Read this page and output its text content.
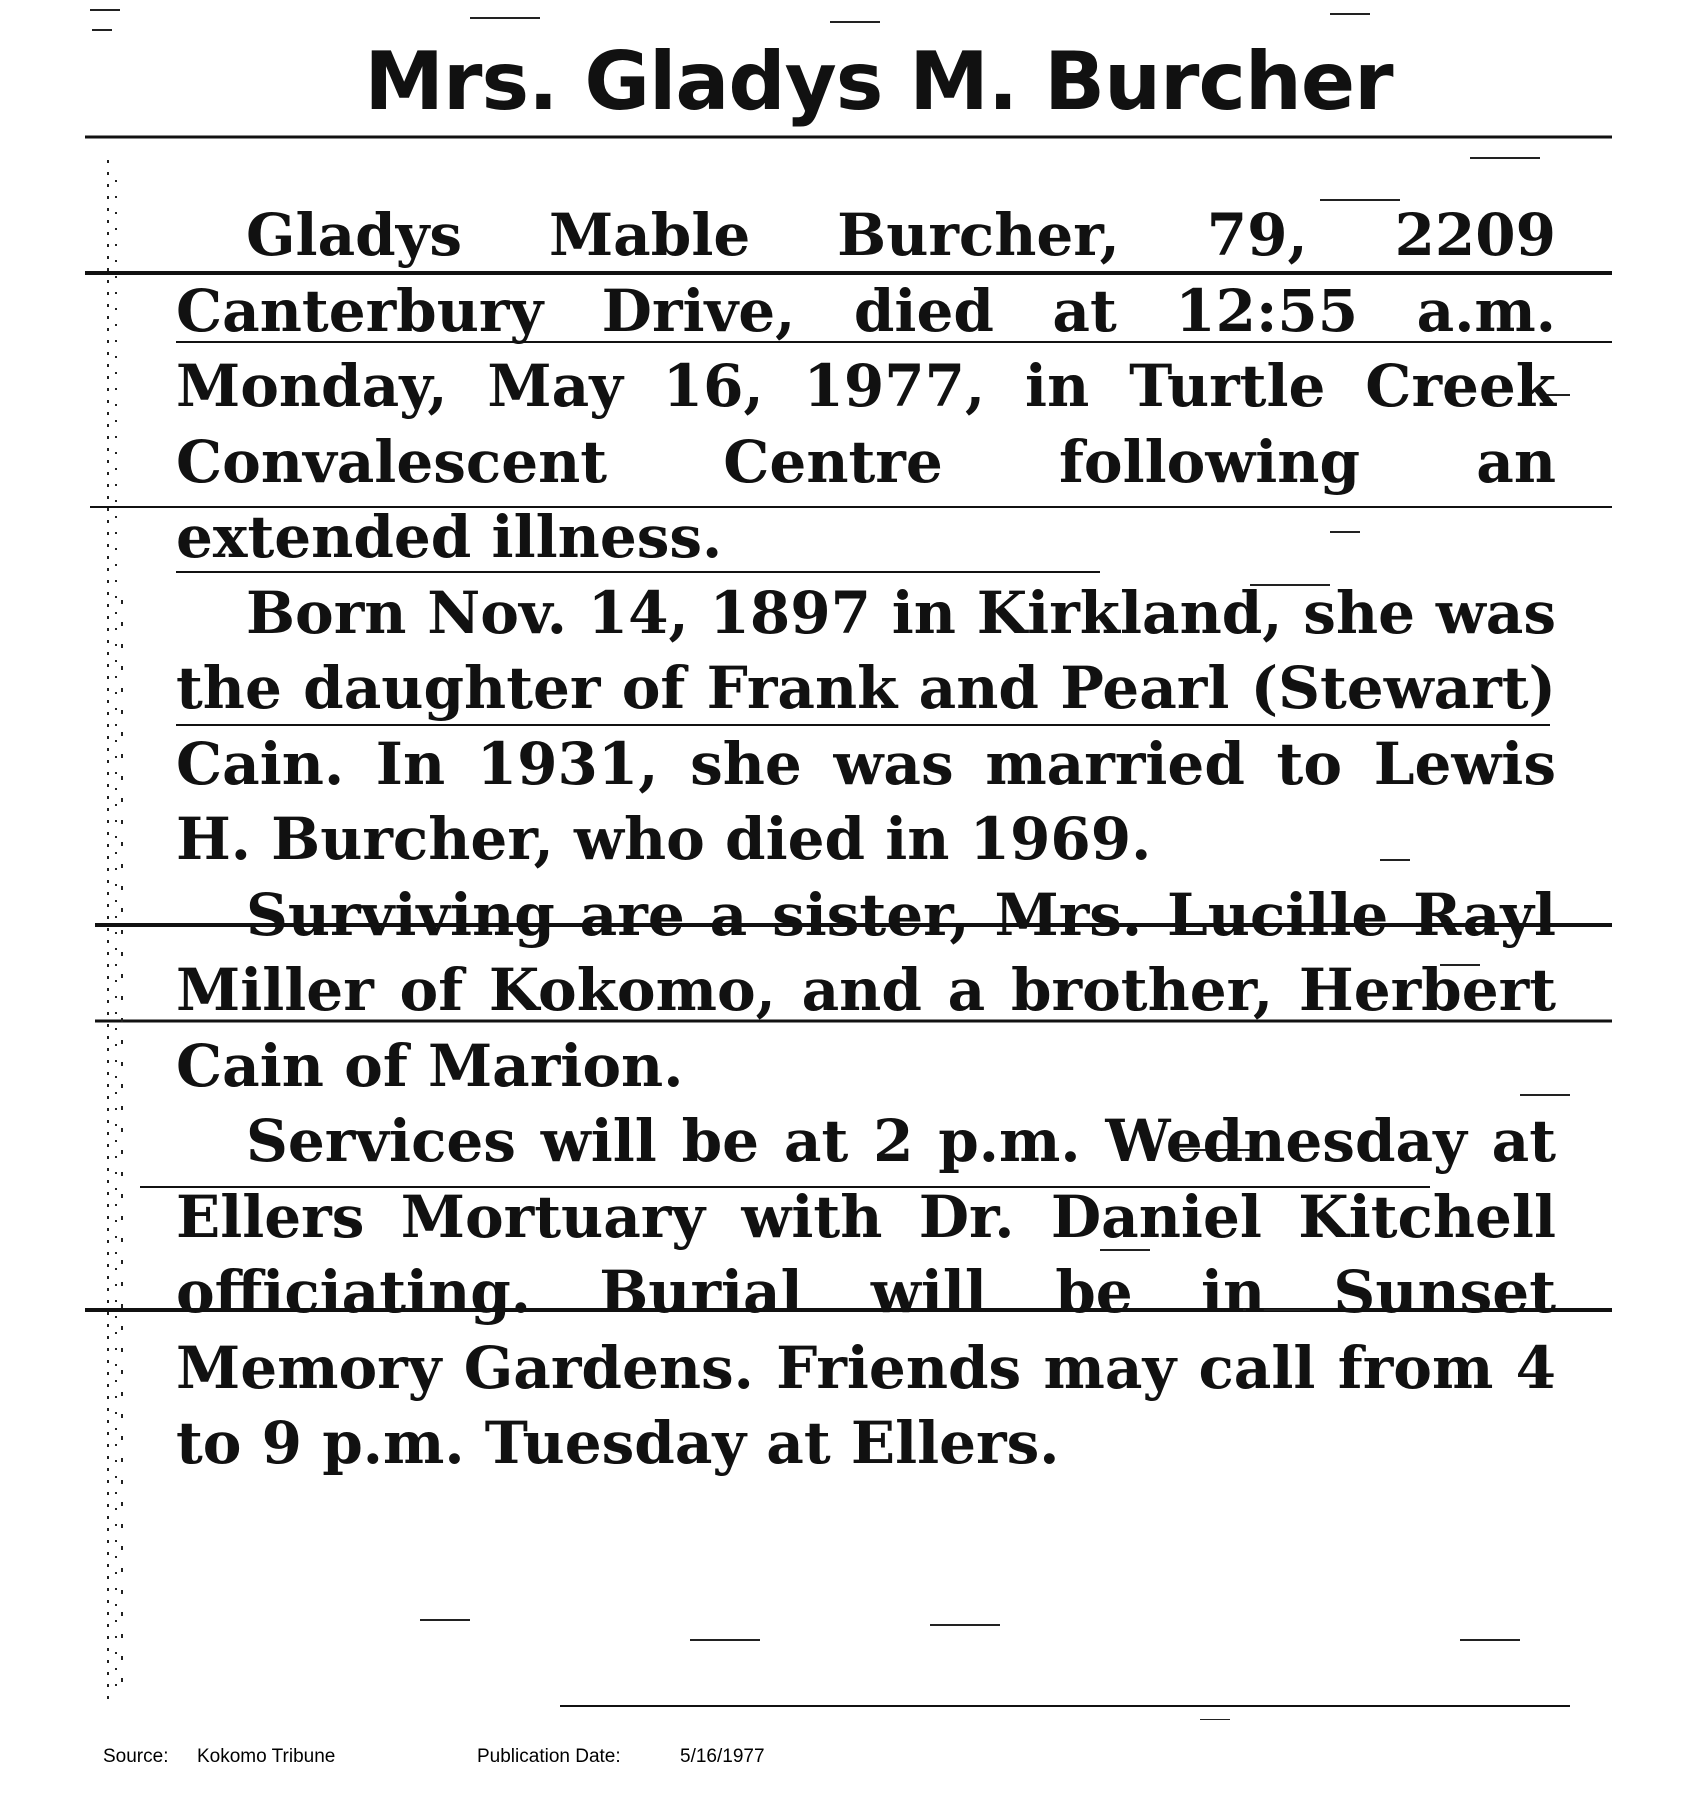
Mrs. Gladys M. Burcher

Gladys Mable Burcher, 79, 2209 Canterbury Drive, died at 12:55 a.m. Monday, May 16, 1977, in Turtle Creek Convalescent Centre following an extended illness.

Born Nov. 14, 1897 in Kirkland, she was the daughter of Frank and Pearl (Stewart) Cain. In 1931, she was married to Lewis H. Burcher, who died in 1969.

Surviving are a sister, Mrs. Lucille Rayl Miller of Kokomo, and a brother, Herbert Cain of Marion.

Services will be at 2 p.m. Wednesday at Ellers Mortuary with Dr. Daniel Kitchell officiating. Burial will be in Sunset Memory Gardens. Friends may call from 4 to 9 p.m. Tuesday at Ellers.

Source: Kokomo Tribune	Publication Date:	5/16/1977
